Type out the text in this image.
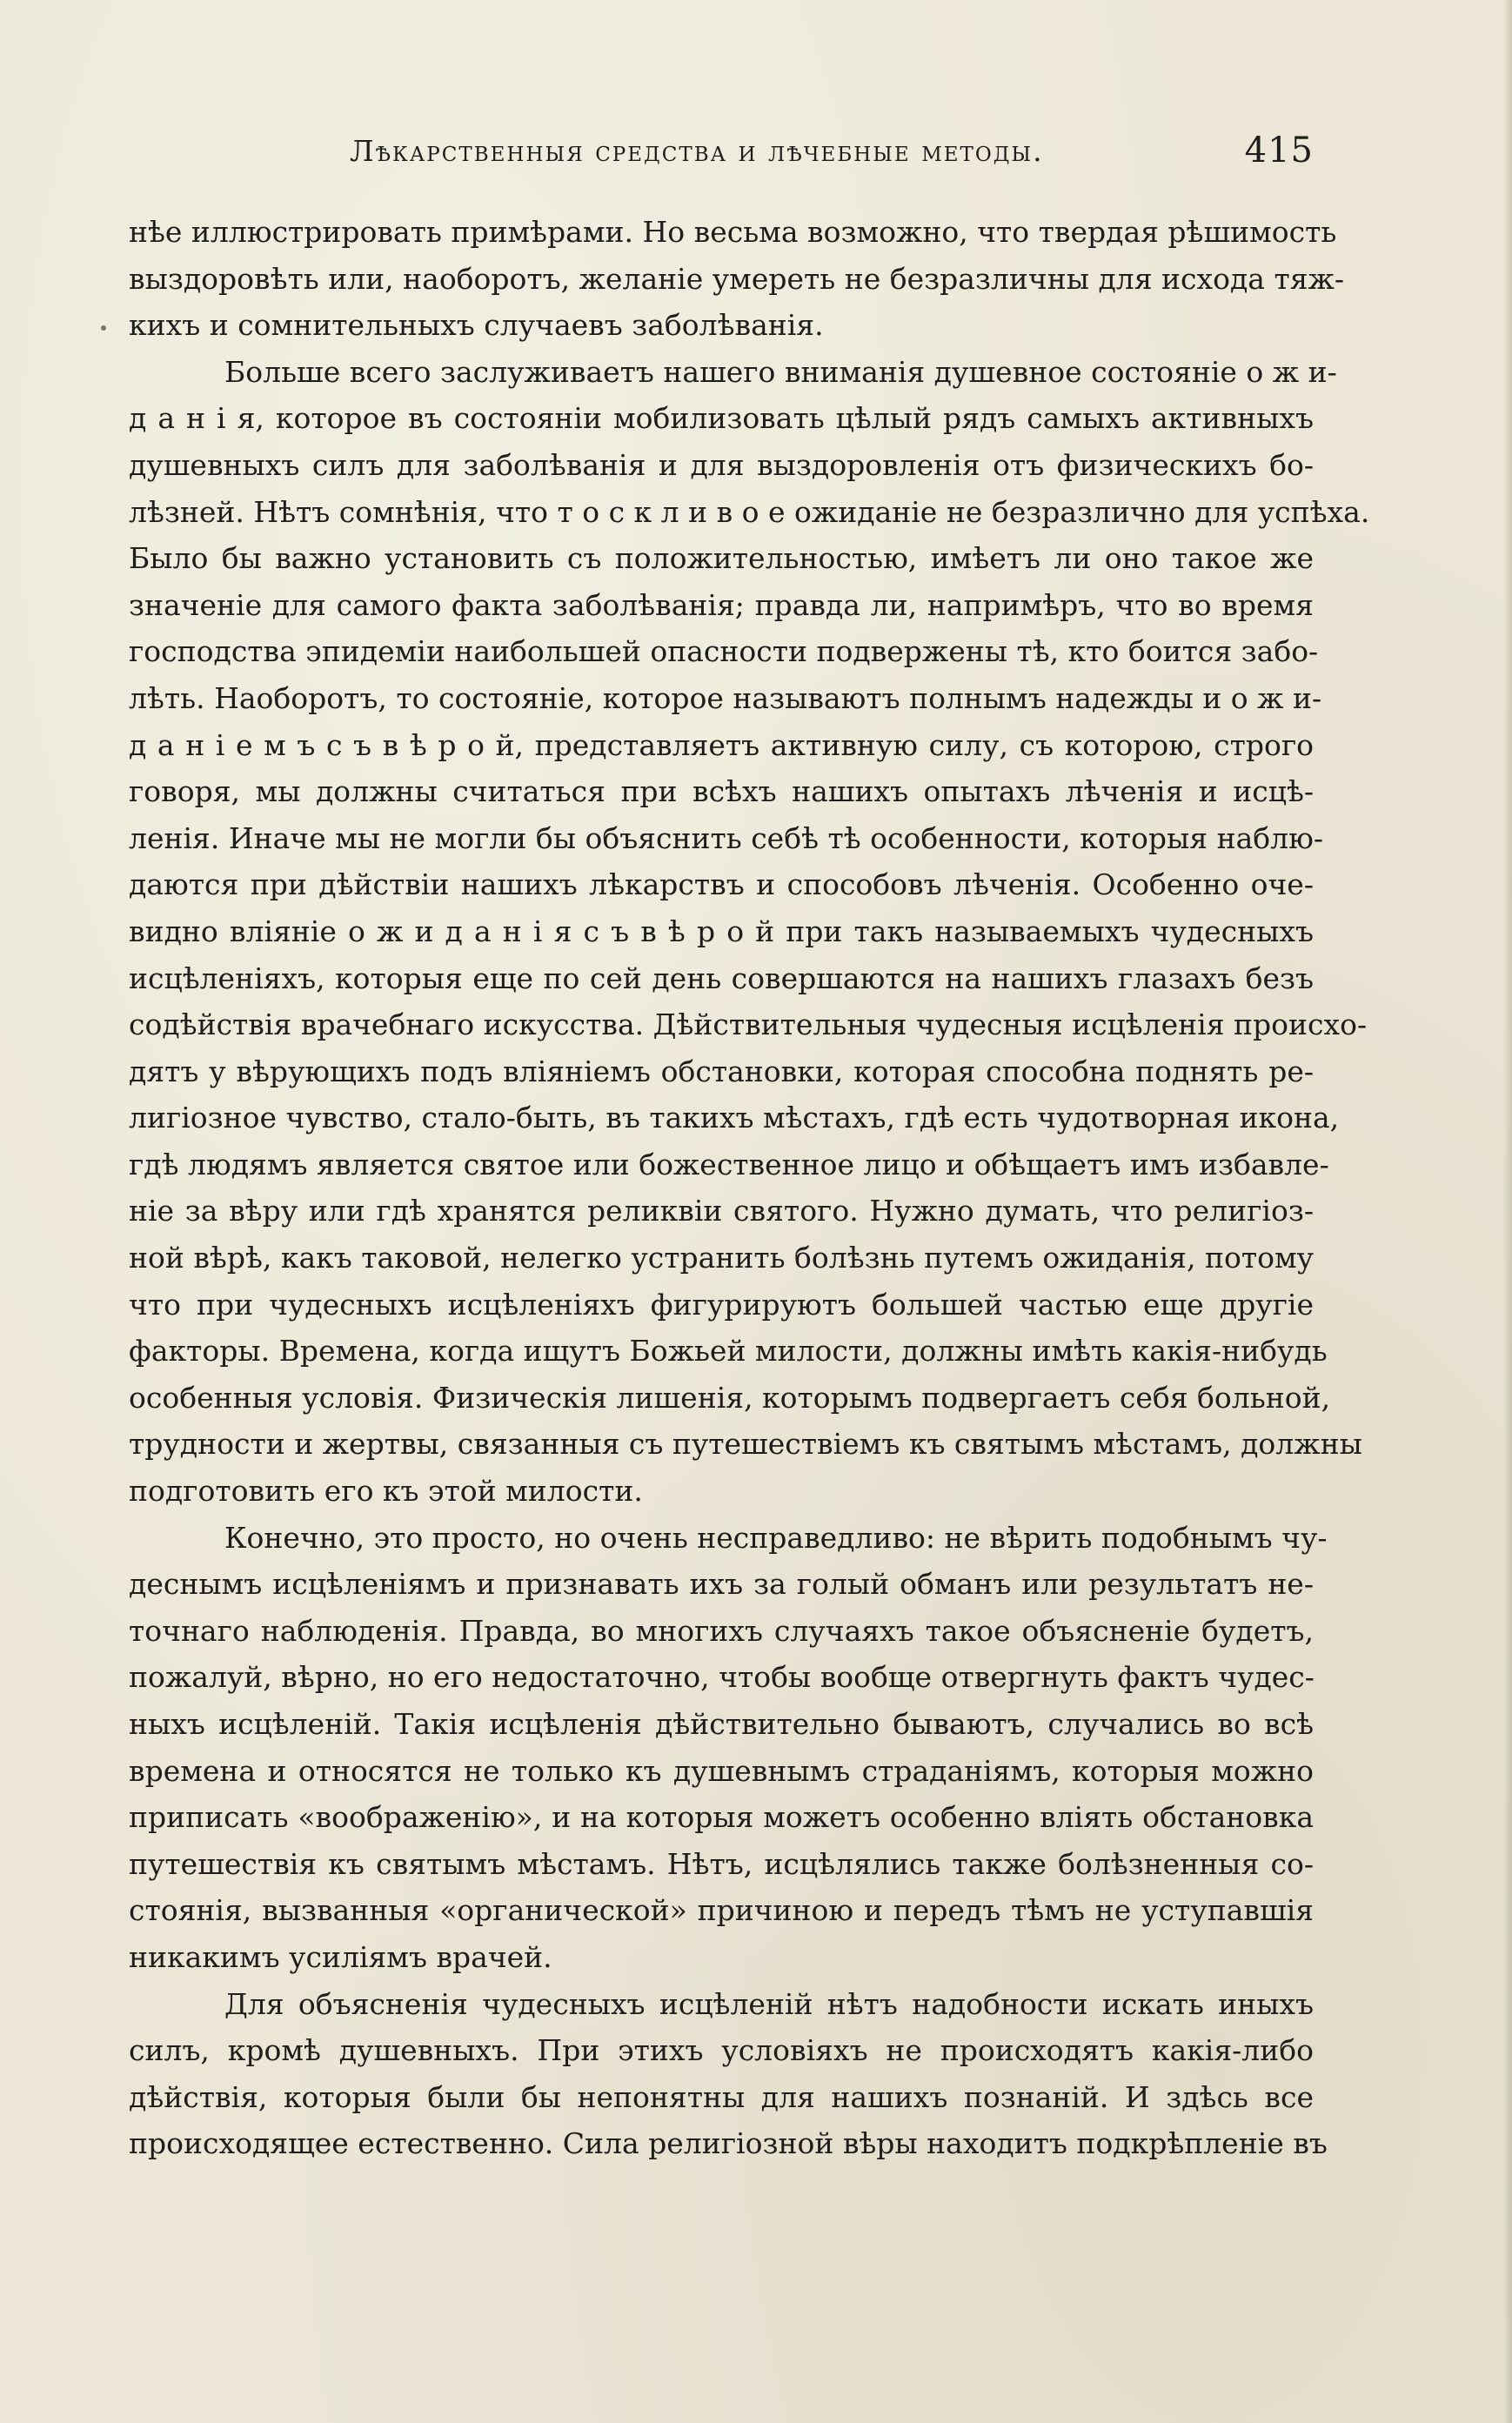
Лѣкарственныя средства и лѣчебные методы.	415
нѣе иллюстрировать примѣрами. Но весьма возможно, что твердая рѣшимость
выздоровѣть или, наоборотъ, желаніе умереть не безразличны для исхода тяж-
кихъ и сомнительныхъ случаевъ заболѣванія.
Больше всего заслуживаетъ нашего вниманія душевное состояніе о ж и-
д а н і я, которое въ состояніи мобилизовать цѣлый рядъ самыхъ активныхъ
душевныхъ силъ для заболѣванія и для выздоровленія отъ физическихъ бо-
лѣзней. Нѣтъ сомнѣнія, что т о с к л и в о е ожиданіе не безразлично для успѣха.
Было бы важно установить съ положительностью, имѣетъ ли оно такое же
значеніе для самого факта заболѣванія; правда ли, напримѣръ, что во время
господства эпидеміи наибольшей опасности подвержены тѣ, кто боится забо-
лѣть. Наоборотъ, то состояніе, которое называютъ полнымъ надежды и о ж и-
д а н і е м ъ с ъ в ѣ р о й, представляетъ активную силу, съ которою, строго
говоря, мы должны считаться при всѣхъ нашихъ опытахъ лѣченія и исцѣ-
ленія. Иначе мы не могли бы объяснить себѣ тѣ особенности, которыя наблю-
даются при дѣйствіи нашихъ лѣкарствъ и способовъ лѣченія. Особенно оче-
видно вліяніе о ж и д а н і я с ъ в ѣ р о й при такъ называемыхъ чудесныхъ
исцѣленіяхъ, которыя еще по сей день совершаются на нашихъ глазахъ безъ
содѣйствія врачебнаго искусства. Дѣйствительныя чудесныя исцѣленія происхо-
дятъ у вѣрующихъ подъ вліяніемъ обстановки, которая способна поднять ре-
лигіозное чувство, стало-быть, въ такихъ мѣстахъ, гдѣ есть чудотворная икона,
гдѣ людямъ является святое или божественное лицо и обѣщаетъ имъ избавле-
ніе за вѣру или гдѣ хранятся реликвіи святого. Нужно думать, что религіоз-
ной вѣрѣ, какъ таковой, нелегко устранить болѣзнь путемъ ожиданія, потому
что при чудесныхъ исцѣленіяхъ фигурируютъ большей частью еще другіе
факторы. Времена, когда ищутъ Божьей милости, должны имѣть какія-нибудь
особенныя условія. Физическія лишенія, которымъ подвергаетъ себя больной,
трудности и жертвы, связанныя съ путешествіемъ къ святымъ мѣстамъ, должны
подготовить его къ этой милости.
Конечно, это просто, но очень несправедливо: не вѣрить подобнымъ чу-
деснымъ исцѣленіямъ и признавать ихъ за голый обманъ или результатъ не-
точнаго наблюденія. Правда, во многихъ случаяхъ такое объясненіе будетъ,
пожалуй, вѣрно, но его недостаточно, чтобы вообще отвергнуть фактъ чудес-
ныхъ исцѣленій. Такія исцѣленія дѣйствительно бываютъ, случались во всѣ
времена и относятся не только къ душевнымъ страданіямъ, которыя можно
приписать «воображенію», и на которыя можетъ особенно вліять обстановка
путешествія къ святымъ мѣстамъ. Нѣтъ, исцѣлялись также болѣзненныя со-
стоянія, вызванныя «органической» причиною и передъ тѣмъ не уступавшія
никакимъ усиліямъ врачей.
Для объясненія чудесныхъ исцѣленій нѣтъ надобности искать иныхъ
силъ, кромѣ душевныхъ. При этихъ условіяхъ не происходятъ какія-либо
дѣйствія, которыя были бы непонятны для нашихъ познаній. И здѣсь все
происходящее естественно. Сила религіозной вѣры находитъ подкрѣпленіе въ
